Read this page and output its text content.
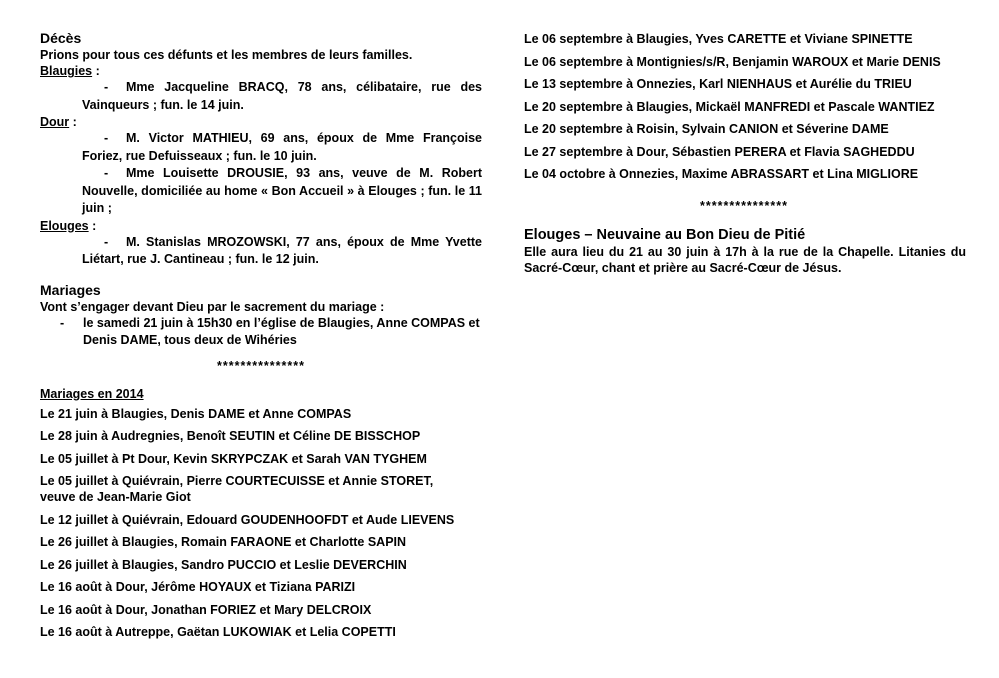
Décès
Prions pour tous ces défunts et les membres de leurs familles.
Blaugies :
- Mme Jacqueline BRACQ, 78 ans, célibataire, rue des Vainqueurs ; fun. le 14 juin.
Dour :
- M. Victor MATHIEU, 69 ans, époux de Mme Françoise Foriez, rue Defuisseaux ; fun. le 10 juin.
- Mme Louisette DROUSIE, 93 ans, veuve de M. Robert Nouvelle, domiciliée au home « Bon Accueil » à Elouges ; fun. le 11 juin ;
Elouges :
- M. Stanislas MROZOWSKI, 77 ans, époux de Mme Yvette Liétart, rue J. Cantineau ; fun. le 12 juin.
Mariages
Vont s’engager devant Dieu par le sacrement du mariage :
-	le samedi 21 juin à 15h30 en l’église de Blaugies, Anne COMPAS et Denis DAME, tous deux de Wihéries
***************
Mariages en 2014
Le 21 juin à Blaugies, Denis DAME et Anne COMPAS
Le 28 juin à Audregnies, Benoît SEUTIN et Céline DE BISSCHOP
Le 05 juillet à Pt Dour, Kevin SKRYPCZAK et Sarah VAN TYGHEM
Le 05 juillet à Quiévrain, Pierre COURTECUISSE et Annie STORET, veuve de Jean-Marie Giot
Le 12 juillet à Quiévrain, Edouard GOUDENHOOFDT et Aude LIEVENS
Le 26 juillet à Blaugies, Romain FARAONE et Charlotte SAPIN
Le 26 juillet à Blaugies, Sandro PUCCIO et Leslie DEVERCHIN
Le 16 août à Dour, Jérôme HOYAUX et Tiziana PARIZI
Le 16 août à Dour, Jonathan FORIEZ et Mary DELCROIX
Le 16 août à Autreppe, Gaëtan LUKOWIAK et Lelia COPETTI
Le 06 septembre à Blaugies, Yves CARETTE et Viviane SPINETTE
Le 06 septembre à Montignies/s/R, Benjamin WAROUX et Marie DENIS
Le 13 septembre à Onnezies, Karl NIENHAUS et Aurélie du TRIEU
Le 20 septembre à Blaugies, Mickaël MANFREDI et Pascale WANTIEZ
Le 20 septembre à Roisin, Sylvain CANION et Séverine DAME
Le 27 septembre à Dour, Sébastien PERERA et Flavia SAGHEDDU
Le 04 octobre à Onnezies, Maxime ABRASSART et Lina MIGLIORE
***************
Elouges – Neuvaine au Bon Dieu de Pitié
Elle aura lieu du 21 au 30 juin à 17h à la rue de la Chapelle. Litanies du Sacré-Cœur, chant et prière au Sacré-Cœur de Jésus.
